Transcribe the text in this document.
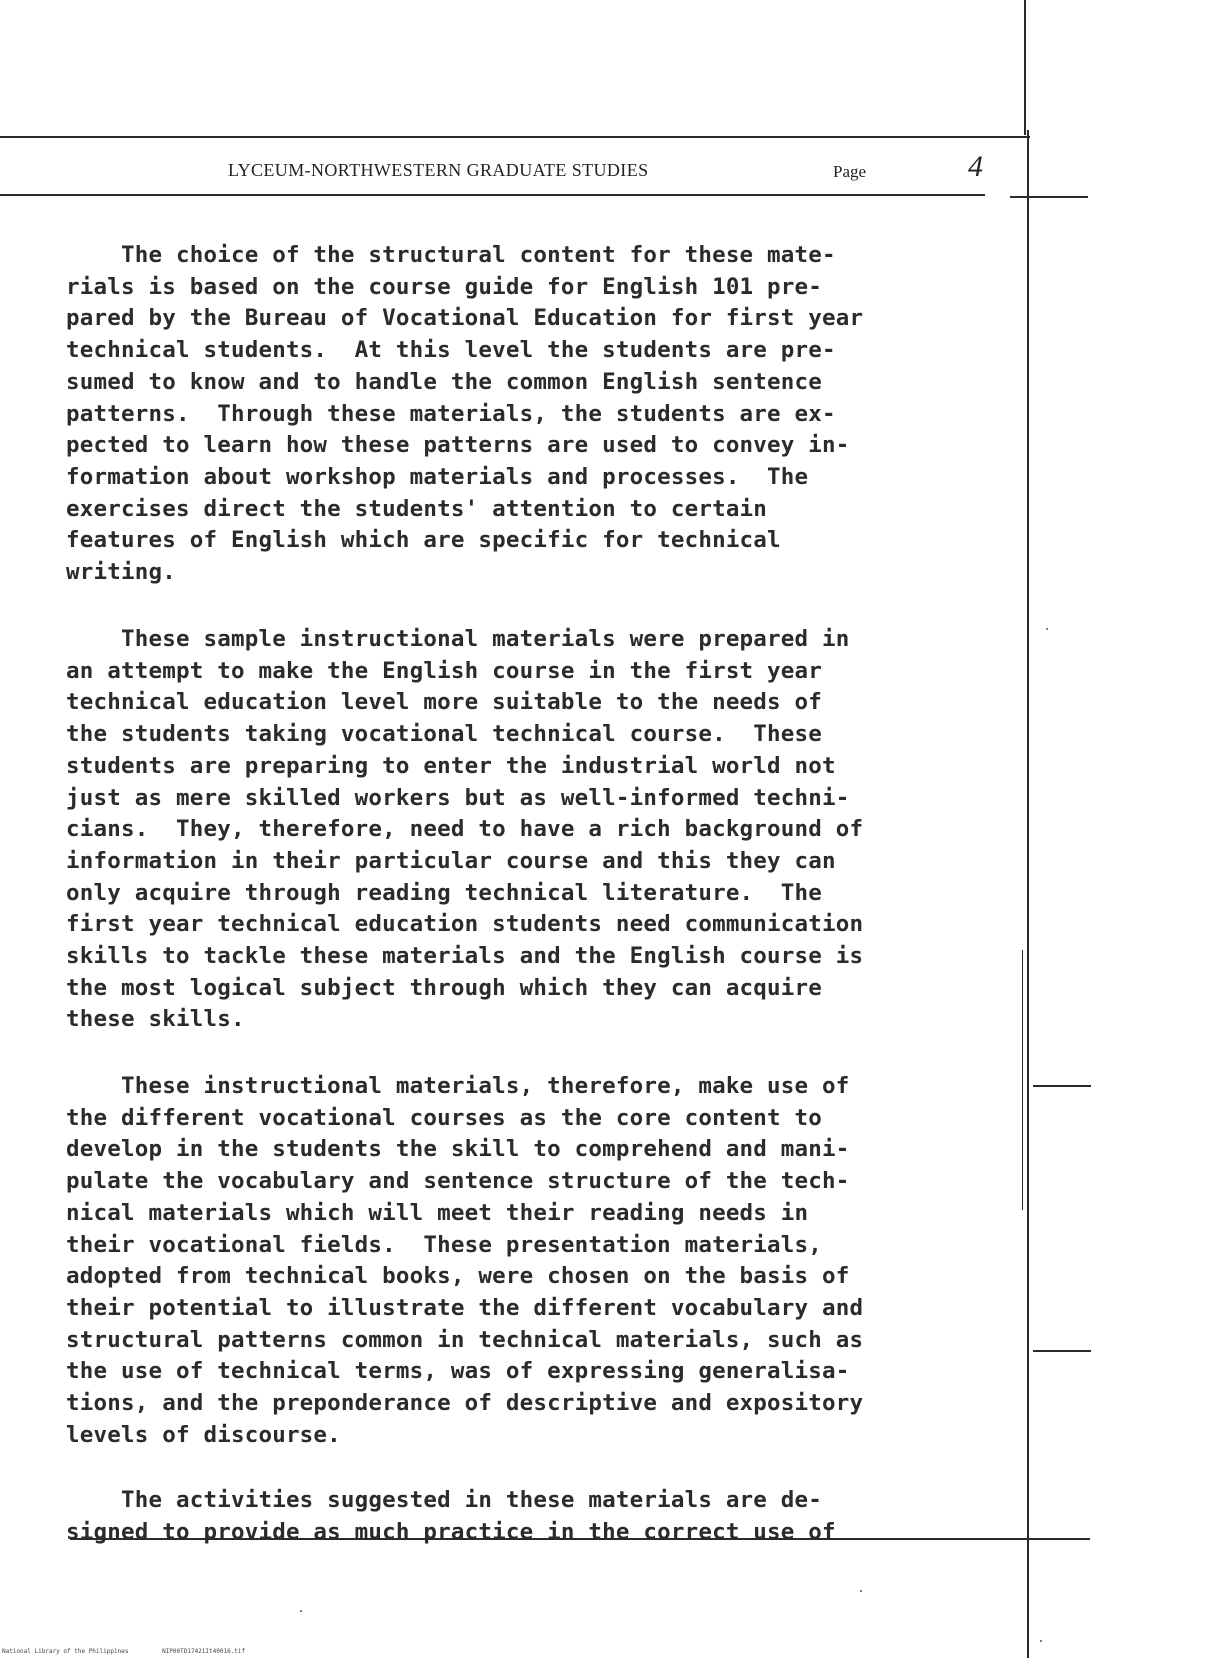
LYCEUM-NORTHWESTERN GRADUATE STUDIES	Page	4
The choice of the structural content for these mate-
rials is based on the course guide for English 101 pre-
pared by the Bureau of Vocational Education for first year
technical students.  At this level the students are pre-
sumed to know and to handle the common English sentence
patterns.  Through these materials, the students are ex-
pected to learn how these patterns are used to convey in-
formation about workshop materials and processes.  The
exercises direct the students' attention to certain
features of English which are specific for technical
writing.
These sample instructional materials were prepared in
an attempt to make the English course in the first year
technical education level more suitable to the needs of
the students taking vocational technical course.  These
students are preparing to enter the industrial world not
just as mere skilled workers but as well-informed techni-
cians.  They, therefore, need to have a rich background of
information in their particular course and this they can
only acquire through reading technical literature.  The
first year technical education students need communication
skills to tackle these materials and the English course is
the most logical subject through which they can acquire
these skills.
These instructional materials, therefore, make use of
the different vocational courses as the core content to
develop in the students the skill to comprehend and mani-
pulate the vocabulary and sentence structure of the tech-
nical materials which will meet their reading needs in
their vocational fields.  These presentation materials,
adopted from technical books, were chosen on the basis of
their potential to illustrate the different vocabulary and
structural patterns common in technical materials, such as
the use of technical terms, was of expressing generalisa-
tions, and the preponderance of descriptive and expository
levels of discourse.
The activities suggested in these materials are de-
signed to provide as much practice in the correct use of
National Library of the Philippines	NIP00TD17421It40016.tif
